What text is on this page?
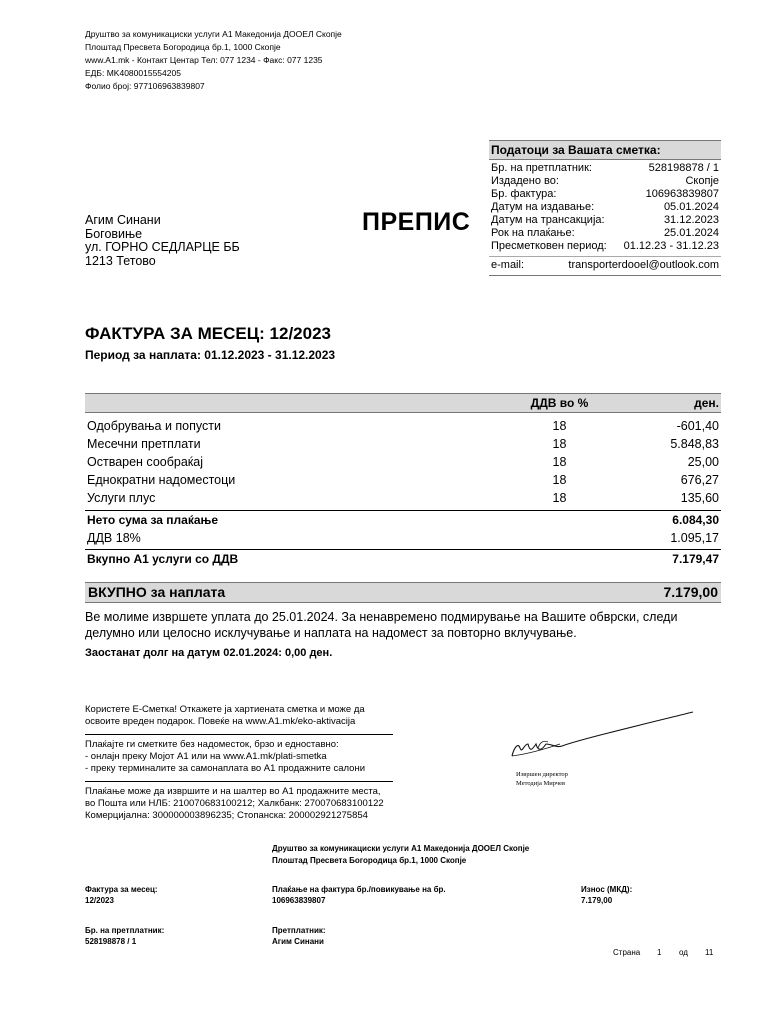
Друштво за комуникациски услуги А1 Македонија ДООЕЛ Скопје
Плоштад Пресвета Богородица бр.1, 1000 Скопје
www.A1.mk - Контакт Центар Тел: 077 1234 - Факс: 077 1235
ЕДБ: MK4080015554205
Фолио број: 977106963839807
Податоци за Вашата сметка:
Бр. на претплатник:	528198878 / 1
Издадено во:	Скопје
Бр. фактура:	106963839807
Датум на издавање:	05.01.2024
Датум на трансакција:	31.12.2023
Рок на плаќање:	25.01.2024
Пресметковен период: 01.12.23 - 31.12.23
e-mail:	transporterdooel@outlook.com
Агим Синани
Боговиње
ул. ГОРНО СЕДЛАРЦЕ ББ
1213 Тетово
ПРЕПИС
ФАКТУРА ЗА МЕСЕЦ: 12/2023
Период за наплата: 01.12.2023 - 31.12.2023
ДДВ во %	ден.
Одобрувања и попусти	18	-601,40
Месечни претплати	18	5.848,83
Остварен сообраќај	18	25,00
Еднократни надоместоци	18	676,27
Услуги плус	18	135,60
Нето сума за плаќање	6.084,30
ДДВ 18%	1.095,17
Вкупно А1 услуги со ДДВ	7.179,47
ВКУПНО за наплата	7.179,00
Ве молиме извршете уплата до 25.01.2024. За ненавремено подмирување на Вашите обврски, следи
делумно или целосно исклучување и наплата на надомест за повторно вклучување.
Заостанат долг на датум 02.01.2024: 0,00 ден.
Користете Е-Сметка! Откажете ја хартиената сметка и може да
освоите вреден подарок. Повеќе на www.A1.mk/eko-aktivacija
Плаќајте ги сметките без надоместок, брзо и едноставно:
- онлајн преку Мојот А1 или на www.A1.mk/plati-smetka
- преку терминалите за самонаплата во А1 продажните салони
Плаќање може да извршите и на шалтер во А1 продажните места,
во Пошта или НЛБ: 210070683100212; Халкбанк: 270070683100122
Комерцијална: 300000003896235; Стопанска: 200002921275854
Извршен директор
Методија Мирчев
Друштво за комуникациски услуги А1 Македонија ДООЕЛ Скопје
Плоштад Пресвета Богородица бр.1, 1000 Скопје
Фактура за месец:
12/2023
Плаќање на фактура бр./повикување на бр.
106963839807
Износ (МКД):
7.179,00
Бр. на претплатник:
528198878 / 1
Претплатник:
Агим Синани
Страна	1	од	11
